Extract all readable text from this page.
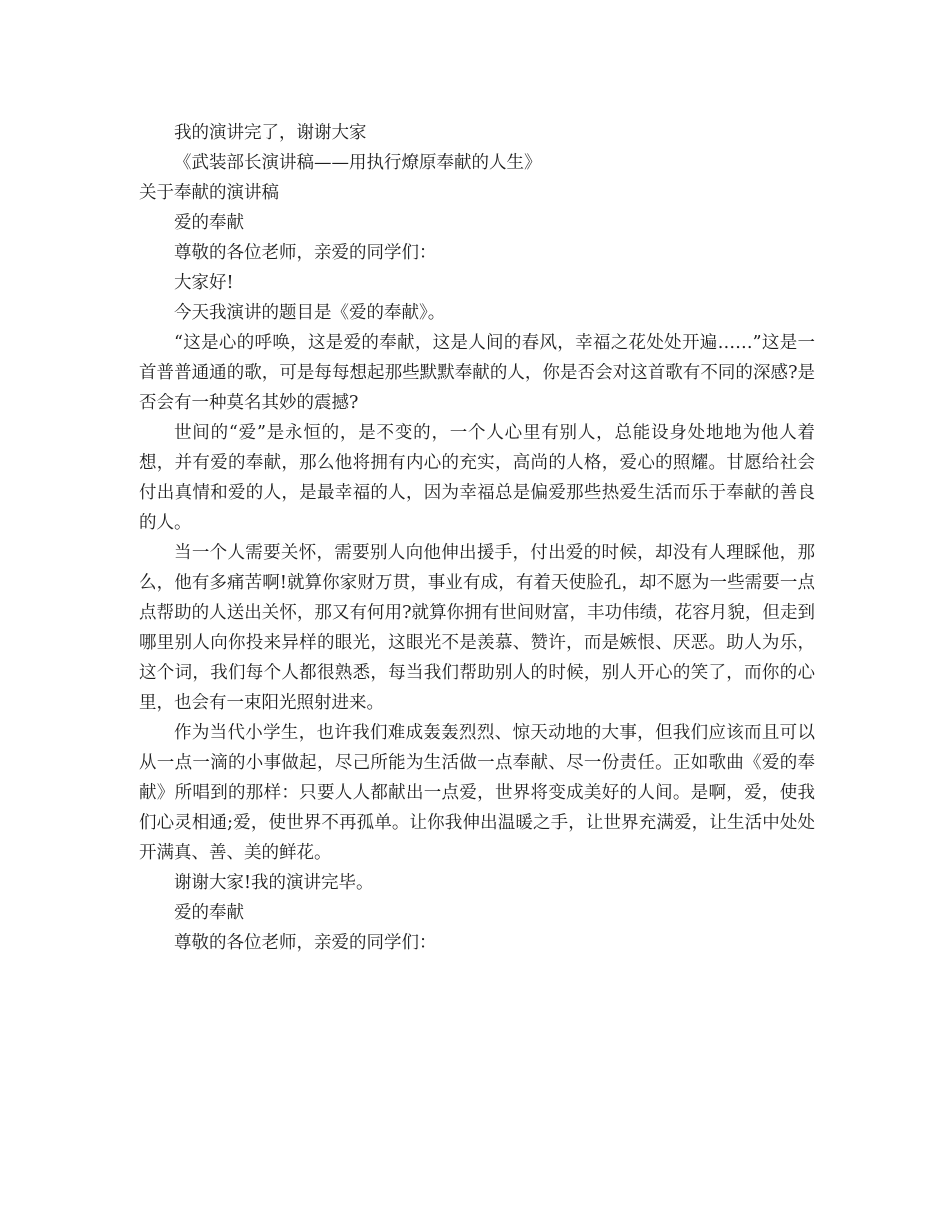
我的演讲完了，谢谢大家
《武装部长演讲稿——用执行燎原奉献的人生》
关于奉献的演讲稿
爱的奉献
尊敬的各位老师，亲爱的同学们：
大家好!
今天我演讲的题目是《爱的奉献》。
“这是心的呼唤，这是爱的奉献，这是人间的春风，幸福之花处处开遍……”这是一首普普通通的歌，可是每每想起那些默默奉献的人，你是否会对这首歌有不同的深感?是否会有一种莫名其妙的震撼?
世间的“爱”是永恒的，是不变的，一个人心里有别人，总能设身处地地为他人着想，并有爱的奉献，那么他将拥有内心的充实，高尚的人格，爱心的照耀。甘愿给社会付出真情和爱的人，是最幸福的人，因为幸福总是偏爱那些热爱生活而乐于奉献的善良的人。
当一个人需要关怀，需要别人向他伸出援手，付出爱的时候，却没有人理睬他，那么，他有多痛苦啊!就算你家财万贯，事业有成，有着天使脸孔，却不愿为一些需要一点点帮助的人送出关怀，那又有何用?就算你拥有世间财富，丰功伟绩，花容月貌，但走到哪里别人向你投来异样的眼光，这眼光不是羡慕、赞许，而是嫉恨、厌恶。助人为乐，这个词，我们每个人都很熟悉，每当我们帮助别人的时候，别人开心的笑了，而你的心里，也会有一束阳光照射进来。
作为当代小学生，也许我们难成轰轰烈烈、惊天动地的大事，但我们应该而且可以从一点一滴的小事做起，尽己所能为生活做一点奉献、尽一份责任。正如歌曲《爱的奉献》所唱到的那样：只要人人都献出一点爱，世界将变成美好的人间。是啊，爱，使我们心灵相通;爱，使世界不再孤单。让你我伸出温暖之手，让世界充满爱，让生活中处处开满真、善、美的鲜花。
谢谢大家!我的演讲完毕。
爱的奉献
尊敬的各位老师，亲爱的同学们：
